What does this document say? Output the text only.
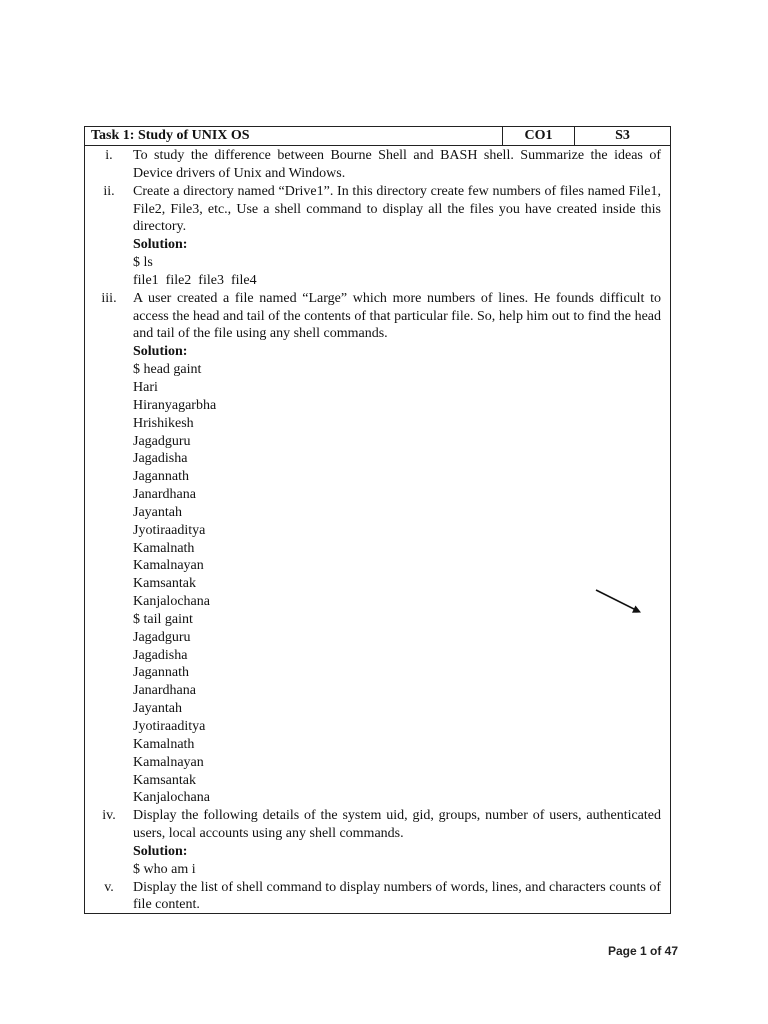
Task 1: Study of UNIX OS	CO1	S3
i.	To study the difference between Bourne Shell and BASH shell. Summarize the ideas of Device drivers of Unix and Windows.

ii.	Create a directory named “Drive1”. In this directory create few numbers of files named File1, File2, File3, etc., Use a shell command to display all the files you have created inside this directory.

Solution:
$ ls
file1  file2  file3  file4
iii.	A user created a file named “Large” which more numbers of lines. He founds difficult to access the head and tail of the contents of that particular file. So, help him out to find the head and tail of the file using any shell commands.

Solution:
$ head gaint
Hari
Hiranyagarbha
Hrishikesh
Jagadguru
Jagadisha
Jagannath
Janardhana
Jayantah
Jyotiraaditya
Kamalnath
Kamalnayan
Kamsantak
Kanjalochana
$ tail gaint
Jagadguru
Jagadisha
Jagannath
Janardhana
Jayantah
Jyotiraaditya
Kamalnath
Kamalnayan
Kamsantak
Kanjalochana
iv.	Display the following details of the system uid, gid, groups, number of users, authenticated users, local accounts using any shell commands.

Solution:
$ who am i
v.	Display the list of shell command to display numbers of words, lines, and characters counts of file content.

Page 1 of 47
